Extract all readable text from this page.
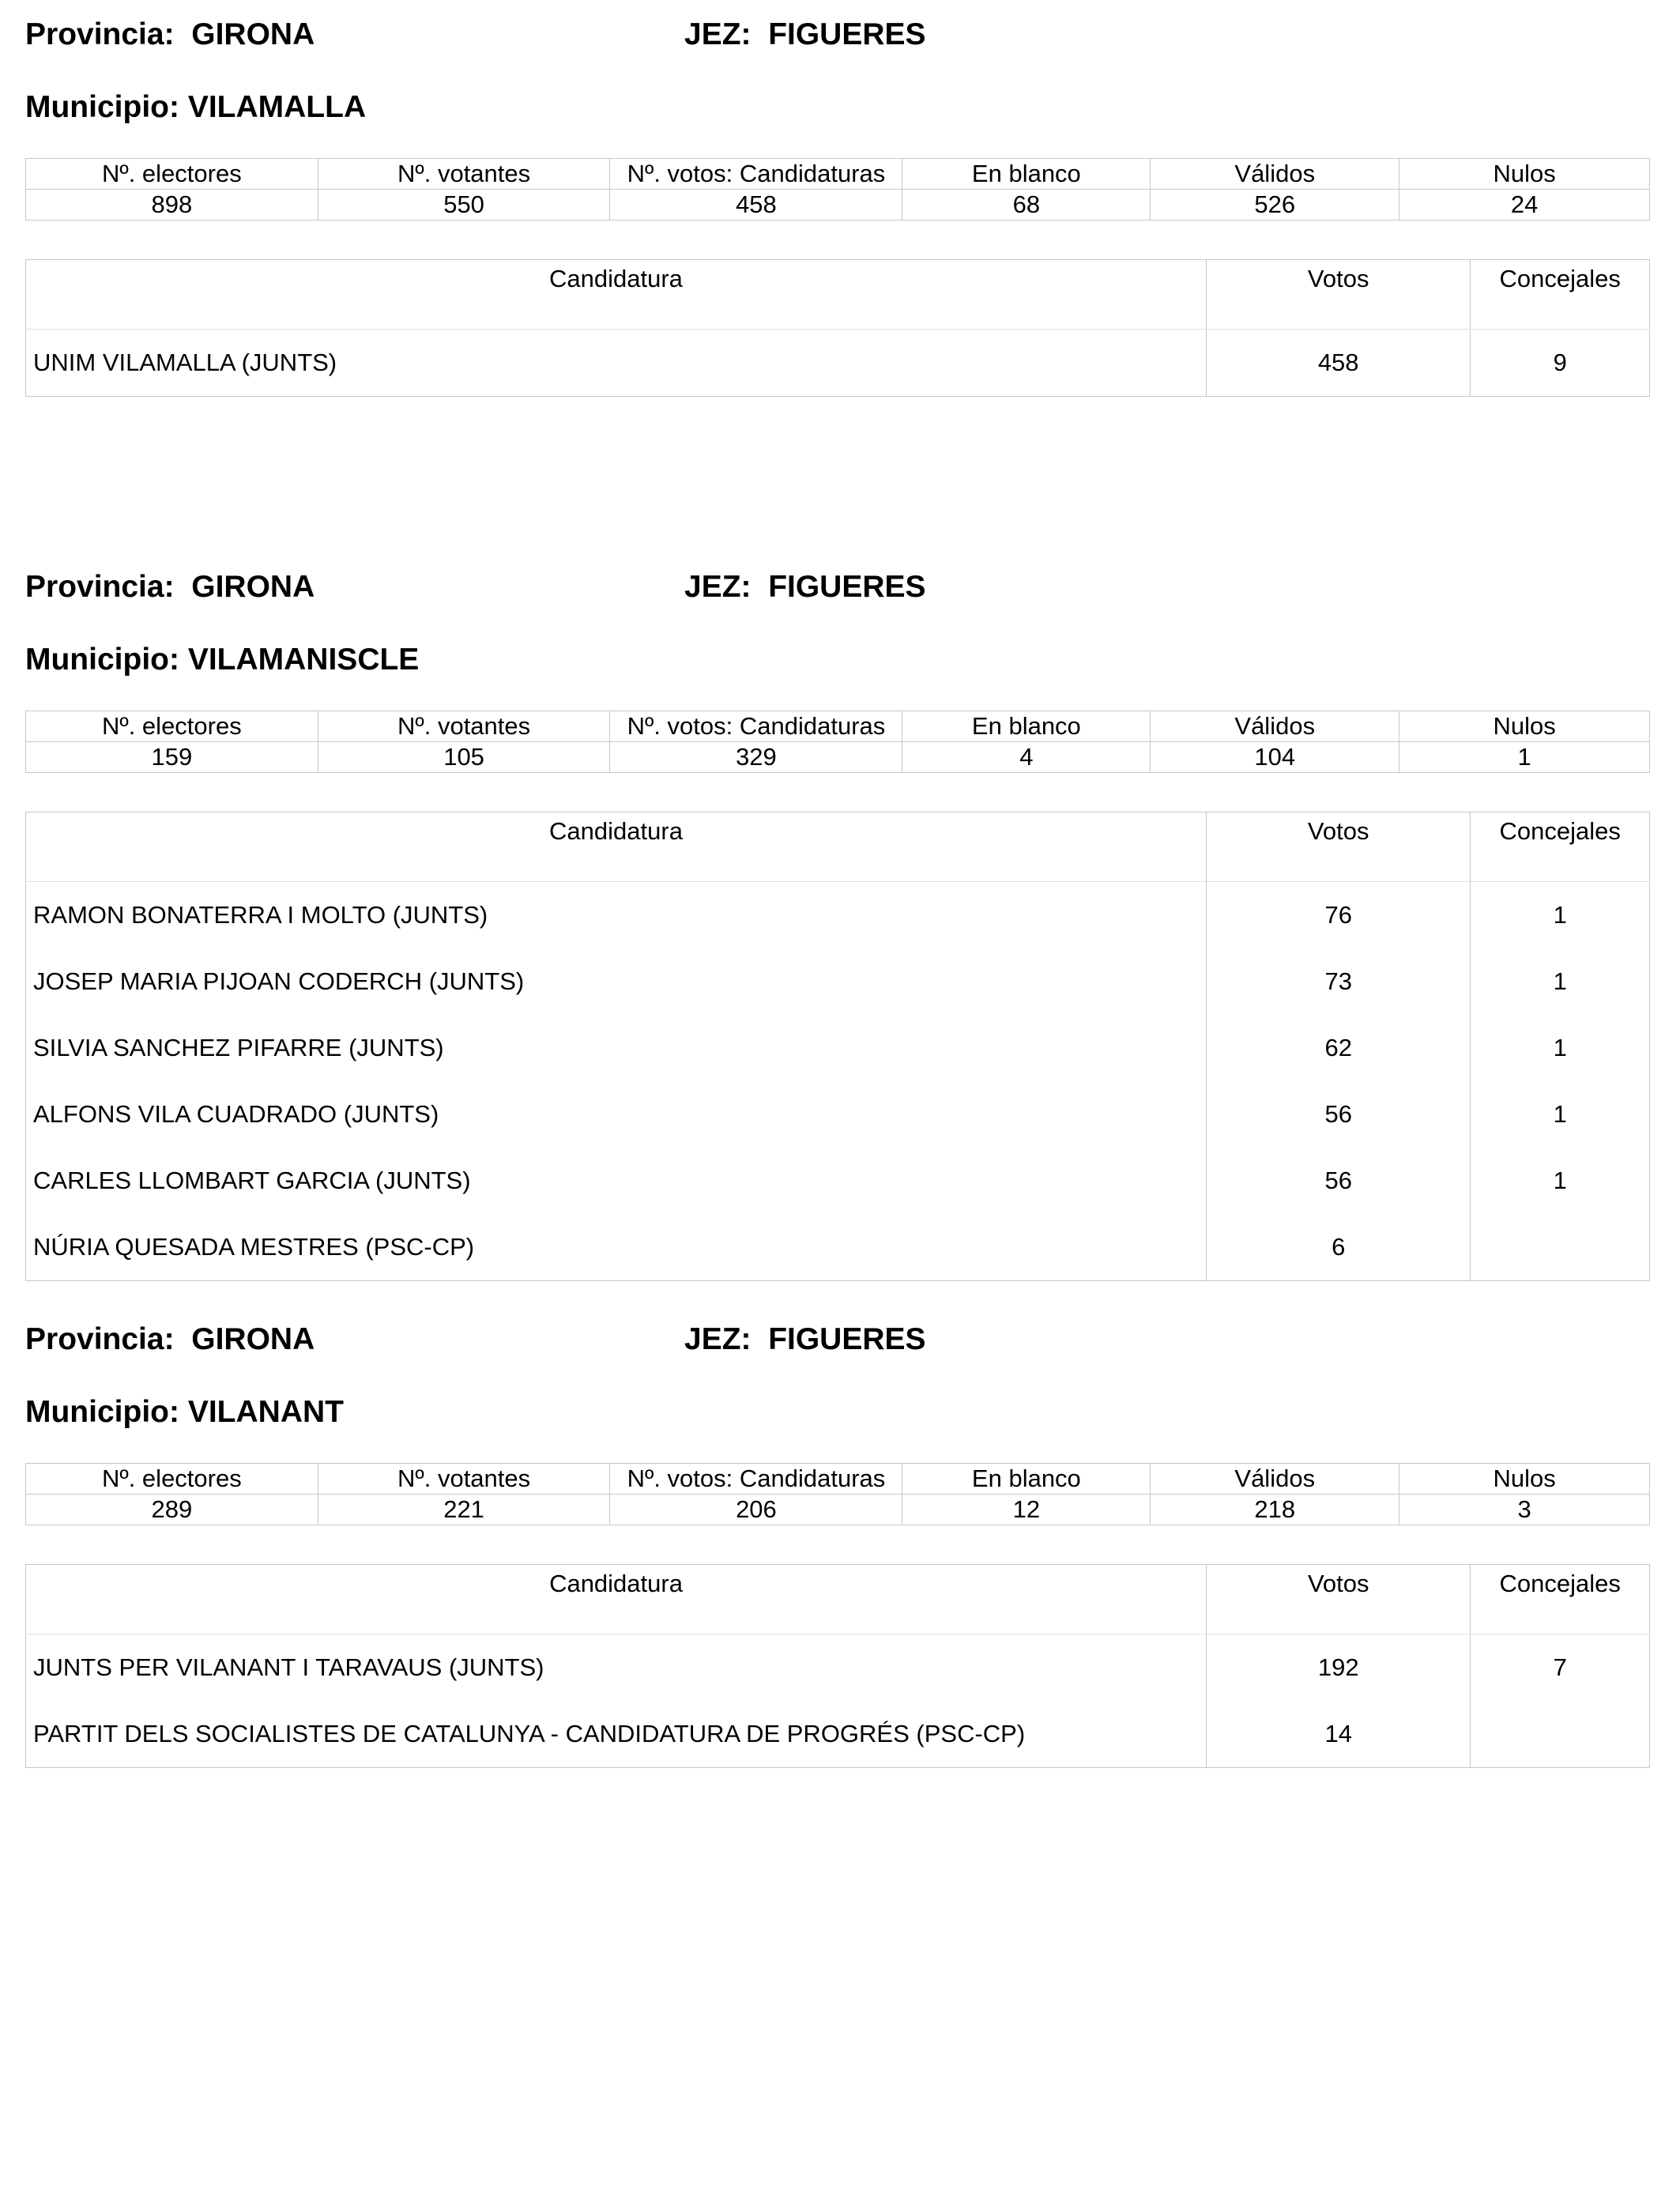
Provincia: GIRONA	JEZ: FIGUERES
Municipio: VILAMALLA
Nº. electores	Nº. votantes	Nº. votos: Candidaturas	En blanco	Válidos	Nulos
898	550	458	68	526	24
Candidatura	Votos	Concejales
UNIM VILAMALLA (JUNTS)	458	9
Provincia: GIRONA	JEZ: FIGUERES
Municipio: VILAMANISCLE
Nº. electores	Nº. votantes	Nº. votos: Candidaturas	En blanco	Válidos	Nulos
159	105	329	4	104	1
Candidatura	Votos	Concejales
RAMON BONATERRA I MOLTO (JUNTS)	76	1
JOSEP MARIA PIJOAN CODERCH (JUNTS)	73	1
SILVIA SANCHEZ PIFARRE (JUNTS)	62	1
ALFONS VILA CUADRADO (JUNTS)	56	1
CARLES LLOMBART GARCIA (JUNTS)	56	1
NÚRIA QUESADA MESTRES (PSC-CP)	6	
Provincia: GIRONA	JEZ: FIGUERES
Municipio: VILANANT
Nº. electores	Nº. votantes	Nº. votos: Candidaturas	En blanco	Válidos	Nulos
289	221	206	12	218	3
Candidatura	Votos	Concejales
JUNTS PER VILANANT I TARAVAUS (JUNTS)	192	7
PARTIT DELS SOCIALISTES DE CATALUNYA - CANDIDATURA DE PROGRÉS (PSC-CP)	14	
